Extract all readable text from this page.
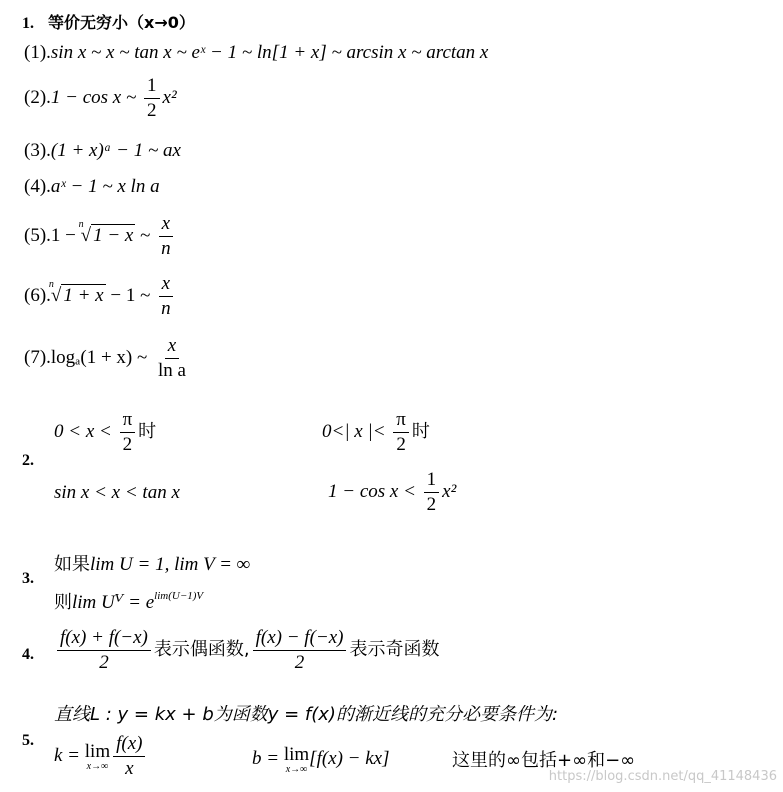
1. 等价无穷小（x→0）
(1).sin x ~ x ~ tan x ~ eˣ − 1 ~ ln[1 + x] ~ arcsin x ~ arctan x
(2).1 − cos x ~ $\frac{1}{2} x^2$
(3).(1 + x)ᵃ − 1 ~ ax
(4).aˣ − 1 ~ x ln a
(5).1 −
n
√ 1 − x ~ $\frac{x}{n}$
(6).
n
√ 1 + x − 1 ~ $\frac{x}{n}$
(7).logₐ(1 + x) ~ $\frac{x}{\text{ln a}}$
2.
$0 < x < \frac{\pi}{2}$ 时	0<| x |< $\frac{\pi}{2}$ 时
sin x < x < tan x	$1 - \cos x < \frac{1}{2} x^2$
3.
如果lim U = 1, lim V = ∞
则lim Uⱽ = $e^{lim(U-1)V}$
4. $\frac{f(x) + f(-x)}{2}$ 表示偶函数, $\frac{f(x) - f(-x)}{2}$ 表示奇函数
5.
直线L : y = kx + b为函数y = f(x)的渐近线的充分必要条件为:
k = lim
$x\to\infty \frac{f(x)}{x}$	b = lim
x→∞
[f(x) − kx]	这里的∞包括+∞和−∞
https://blog.csdn.net/qq_41148436
